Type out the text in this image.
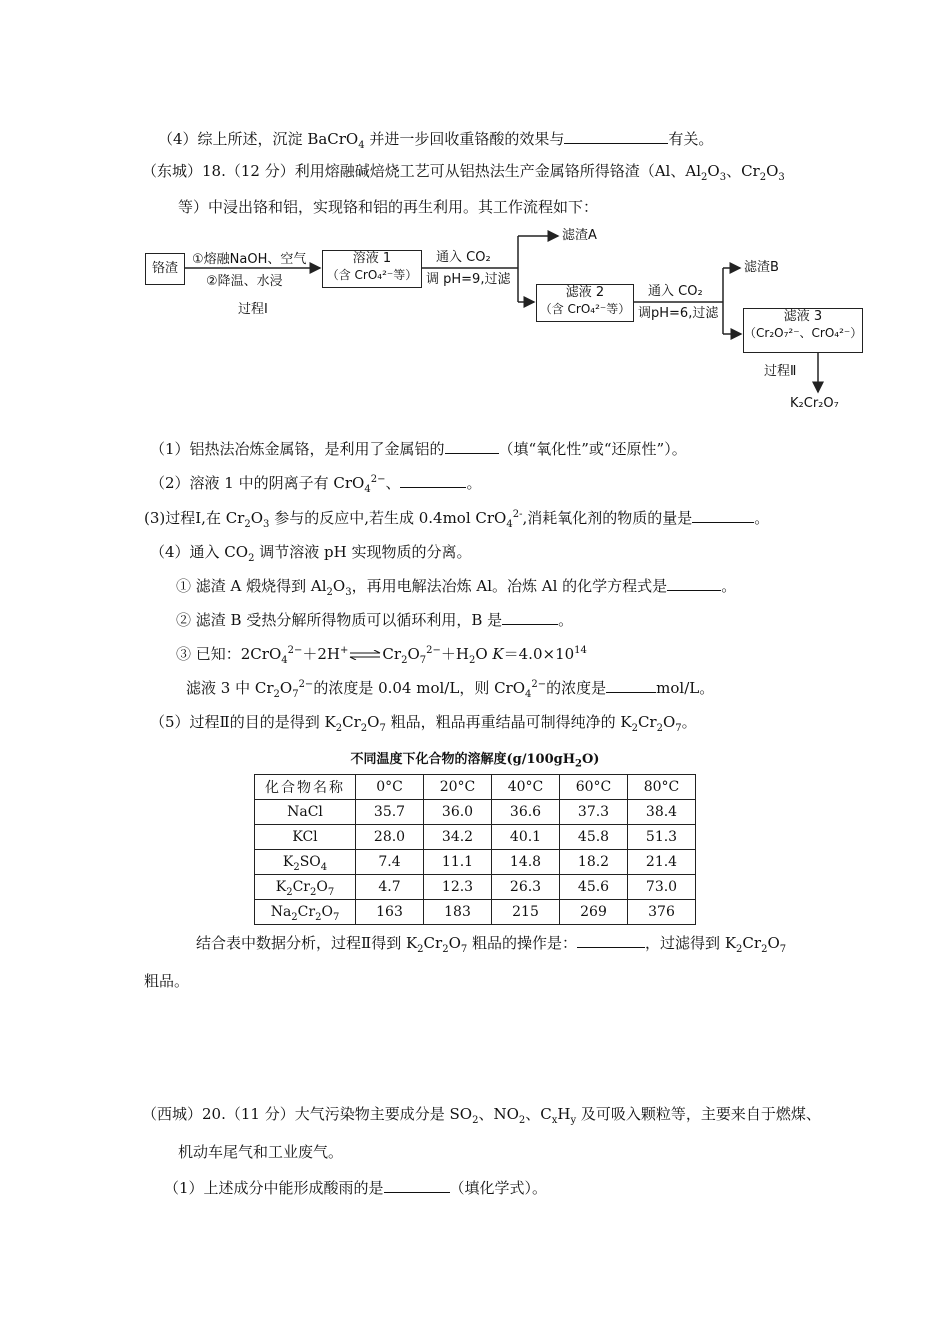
（4）综上所述，沉淀 BaCrO$_4$ 并进一步回收重铬酸的效果与	有关。
（东城）18.（12 分）利用熔融碱焙烧工艺可从铝热法生产金属铬所得铬渣（Al、$Al_2O_3$、$Cr_2O_3$
等）中浸出铬和铝，实现铬和铝的再生利用。其工作流程如下：
铬渣
①熔融NaOH、空气
②降温、水浸
过程Ⅰ
溶液 1
（含 CrO₄²⁻等）
通入 CO₂
调 pH=9,过滤
滤渣A
滤液 2
（含 CrO₄²⁻等）
通入 CO₂
调pH=6,过滤
滤渣B
滤液 3
（Cr₂O₇²⁻、CrO₄²⁻）
过程Ⅱ
K₂Cr₂O₇
（1）铝热法冶炼金属铬，是利用了金属铝的	（填“氧化性”或“还原性”）。
（2）溶液 1 中的阴离子有 CrO$_4^{2-}$、	。
(3)过程Ⅰ,在 $Cr_2O_3$ 参与的反应中,若生成 0.4mol CrO$_4^{2-}$,消耗氧化剂的物质的量是	。
（4）通入 $CO_2$ 调节溶液 pH 实现物质的分离。
① 滤渣 A 煅烧得到 $Al_2O_3$，再用电解法冶炼 Al。冶炼 Al 的化学方程式是	。
② 滤渣 B 受热分解所得物质可以循环利用，B 是	。
③ 已知：$2CrO_4^{2-}+2H^+\rightleftharpoons Cr_2O_7^{2-}+H_2O$ $K=4.0\times 10^{14}$
滤液 3 中 $Cr_2O_7^{2-}$的浓度是 0.04 mol/L，则 CrO$_4^{2-}$的浓度是	mol/L。
（5）过程Ⅱ的目的是得到 $K_2Cr_2O_7$ 粗品，粗品再重结晶可制得纯净的 $K_2Cr_2O_7$。
不同温度下化合物的溶解度$(g/100gH_2O)$
化合物名称	0°C	20°C	40°C	60°C	80°C
NaCl	35.7	36.0	36.6	37.3	38.4
KCl	28.0	34.2	40.1	45.8	51.3
$K_2SO_4$	7.4	11.1	14.8	18.2	21.4
$K_2Cr_2O_7$	4.7	12.3	26.3	45.6	73.0
$Na_2Cr_2O_7$	163	183	215	269	376
结合表中数据分析，过程Ⅱ得到 $K_2Cr_2O_7$ 粗品的操作是：	，过滤得到 $K_2Cr_2O_7$
粗品。
（西城）20.（11 分）大气污染物主要成分是 $SO_2$、$NO_2$、$C_xH_y$ 及可吸入颗粒等，主要来自于燃煤、
机动车尾气和工业废气。
（1）上述成分中能形成酸雨的是	（填化学式）。
